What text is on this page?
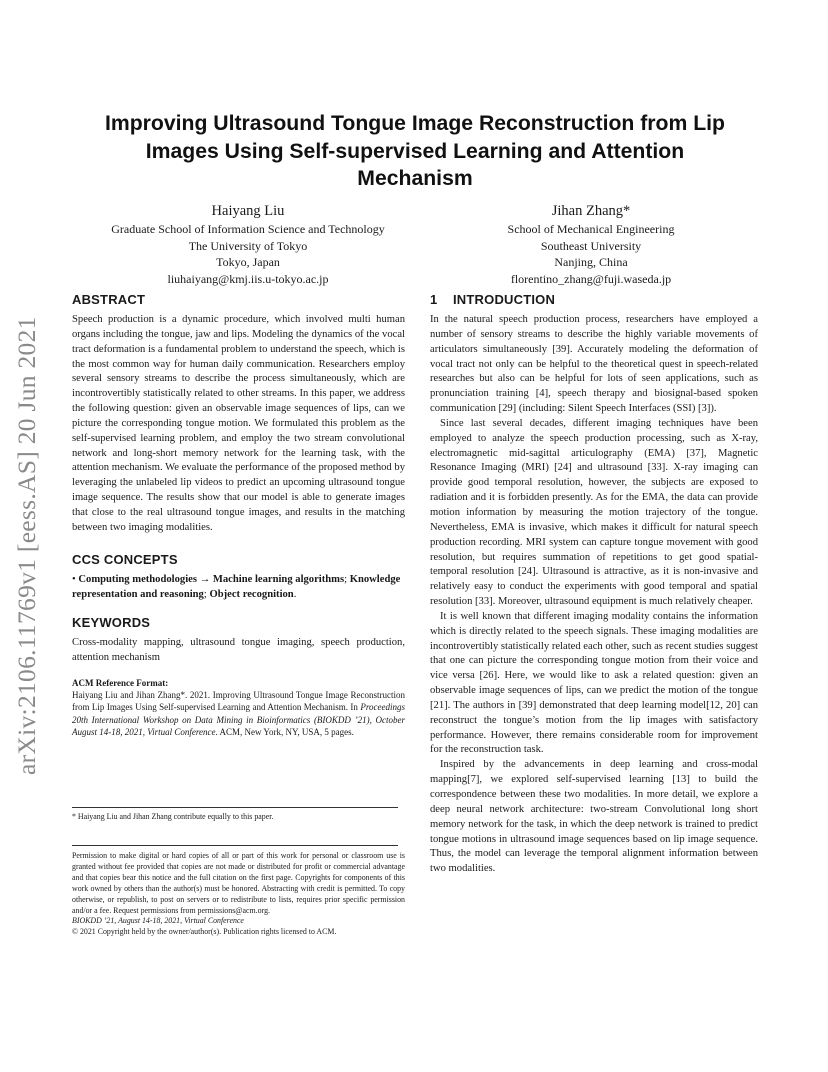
arXiv:2106.11769v1 [eess.AS] 20 Jun 2021
Improving Ultrasound Tongue Image Reconstruction from Lip
Images Using Self-supervised Learning and Attention
Mechanism
Haiyang Liu
Graduate School of Information Science and Technology
The University of Tokyo
Tokyo, Japan
liuhaiyang@kmj.iis.u-tokyo.ac.jp
Jihan Zhang*
School of Mechanical Engineering
Southeast University
Nanjing, China
florentino_zhang@fuji.waseda.jp
ABSTRACT

Speech production is a dynamic procedure, which involved multi human organs including the tongue, jaw and lips. Modeling the dynamics of the vocal tract deformation is a fundamental problem to understand the speech, which is the most common way for human daily communication. Researchers employ several sensory streams to describe the process simultaneously, which are incontrovertibly statistically related to other streams. In this paper, we address the following question: given an observable image sequences of lips, can we picture the corresponding tongue motion. We formulated this problem as the self-supervised learning problem, and employ the two stream convolutional network and long-short memory network for the learning task, with the attention mechanism. We evaluate the performance of the proposed method by leveraging the unlabeled lip videos to predict an upcoming ultrasound tongue image sequence. The results show that our model is able to generate images that close to the real ultrasound tongue images, and results in the matching between two imaging modalities.

CCS CONCEPTS
• Computing methodologies → Machine learning algorithms; Knowledge representation and reasoning; Object recognition.
KEYWORDS

Cross-modality mapping, ultrasound tongue imaging, speech production, attention mechanism

ACM Reference Format:
Haiyang Liu and Jihan Zhang*. 2021. Improving Ultrasound Tongue Image Reconstruction from Lip Images Using Self-supervised Learning and Attention Mechanism. In Proceedings 20th International Workshop on Data Mining in Bioinformatics (BIOKDD ’21), October August 14-18, 2021, Virtual Conference. ACM, New York, NY, USA, 5 pages.
* Haiyang Liu and Jihan Zhang contribute equally to this paper.
Permission to make digital or hard copies of all or part of this work for personal or classroom use is granted without fee provided that copies are not made or distributed for profit or commercial advantage and that copies bear this notice and the full citation on the first page. Copyrights for components of this work owned by others than the author(s) must be honored. Abstracting with credit is permitted. To copy otherwise, or republish, to post on servers or to redistribute to lists, requires prior specific permission and/or a fee. Request permissions from permissions@acm.org.
BIOKDD ’21, August 14-18, 2021, Virtual Conference
© 2021 Copyright held by the owner/author(s). Publication rights licensed to ACM.
1 INTRODUCTION

In the natural speech production process, researchers have employed a number of sensory streams to describe the highly variable movements of articulators simultaneously [39]. Accurately modeling the deformation of vocal tract not only can be helpful to the theoretical quest in speech-related researches but also can be helpful for lots of seen applications, such as pronunciation training [4], speech therapy and biosignal-based spoken communication [29] (including: Silent Speech Interfaces (SSI) [3]).

Since last several decades, different imaging techniques have been employed to analyze the speech production processing, such as X-ray, electromagnetic mid-sagittal articulography (EMA) [37], Magnetic Resonance Imaging (MRI) [24] and ultrasound [33]. X-ray imaging can provide good temporal resolution, however, the subjects are exposed to radiation and it is forbidden presently. As for the EMA, the data can provide motion information by measuring the motion trajectory of the tongue. Nevertheless, EMA is invasive, which makes it difficult for natural speech production recording. MRI system can capture tongue movement with good resolution, but requires summation of repetitions to get good spatial-temporal resolution [24]. Ultrasound is attractive, as it is non-invasive and relatively easy to conduct the experiments with good temporal and spatial resolution [33]. Moreover, ultrasound equipment is much relatively cheaper.

It is well known that different imaging modality contains the information which is directly related to the speech signals. These imaging modalities are incontrovertibly statistically related each other, such as recent studies suggest that one can picture the corresponding tongue motion from their voice and vice versa [26]. Here, we would like to ask a related question: given an observable image sequences of lips, can we predict the motion of the tongue [21]. The authors in [39] demonstrated that deep learning model[12, 20] can reconstruct the tongue’s motion from the lip images with satisfactory performance. However, there remains considerable room for improvement for the reconstruction task.

Inspired by the advancements in deep learning and cross-modal mapping[7], we explored self-supervised learning [13] to build the correspondence between these two modalities. In more detail, we explore a deep neural network architecture: two-stream Convolutional long short memory network for the task, in which the deep network is trained to predict tongue motions in ultrasound image sequences based on lip image sequence. Thus, the model can leverage the temporal alignment information between two modalities.
